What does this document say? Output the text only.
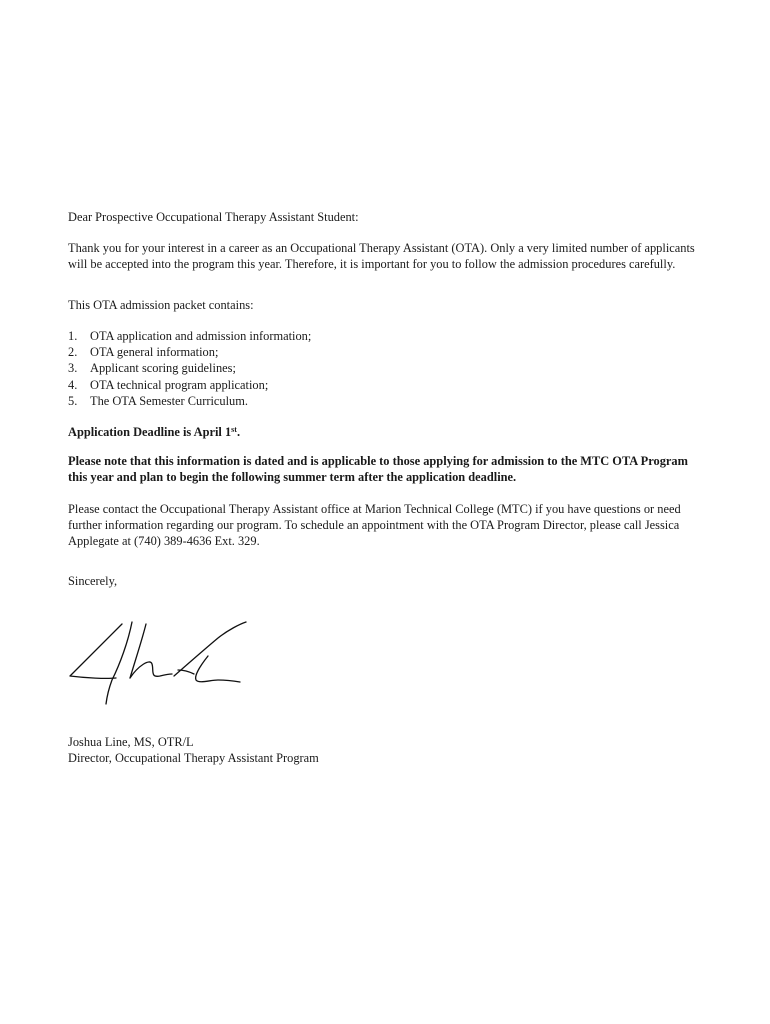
Dear Prospective Occupational Therapy Assistant Student:

Thank you for your interest in a career as an Occupational Therapy Assistant (OTA). Only a very limited number of applicants will be accepted into the program this year. Therefore, it is important for you to follow the admission procedures carefully.

This OTA admission packet contains:

1.	OTA application and admission information;
2.	OTA general information;
3.	Applicant scoring guidelines;
4.	OTA technical program application;
5.	The OTA Semester Curriculum.

Application Deadline is April 1st.

Please note that this information is dated and is applicable to those applying for admission to the MTC OTA Program this year and plan to begin the following summer term after the application deadline.

Please contact the Occupational Therapy Assistant office at Marion Technical College (MTC) if you have questions or need further information regarding our program. To schedule an appointment with the OTA Program Director, please call Jessica Applegate at (740) 389-4636 Ext. 329.

Sincerely,

Joshua Line, MS, OTR/L

Director, Occupational Therapy Assistant Program
